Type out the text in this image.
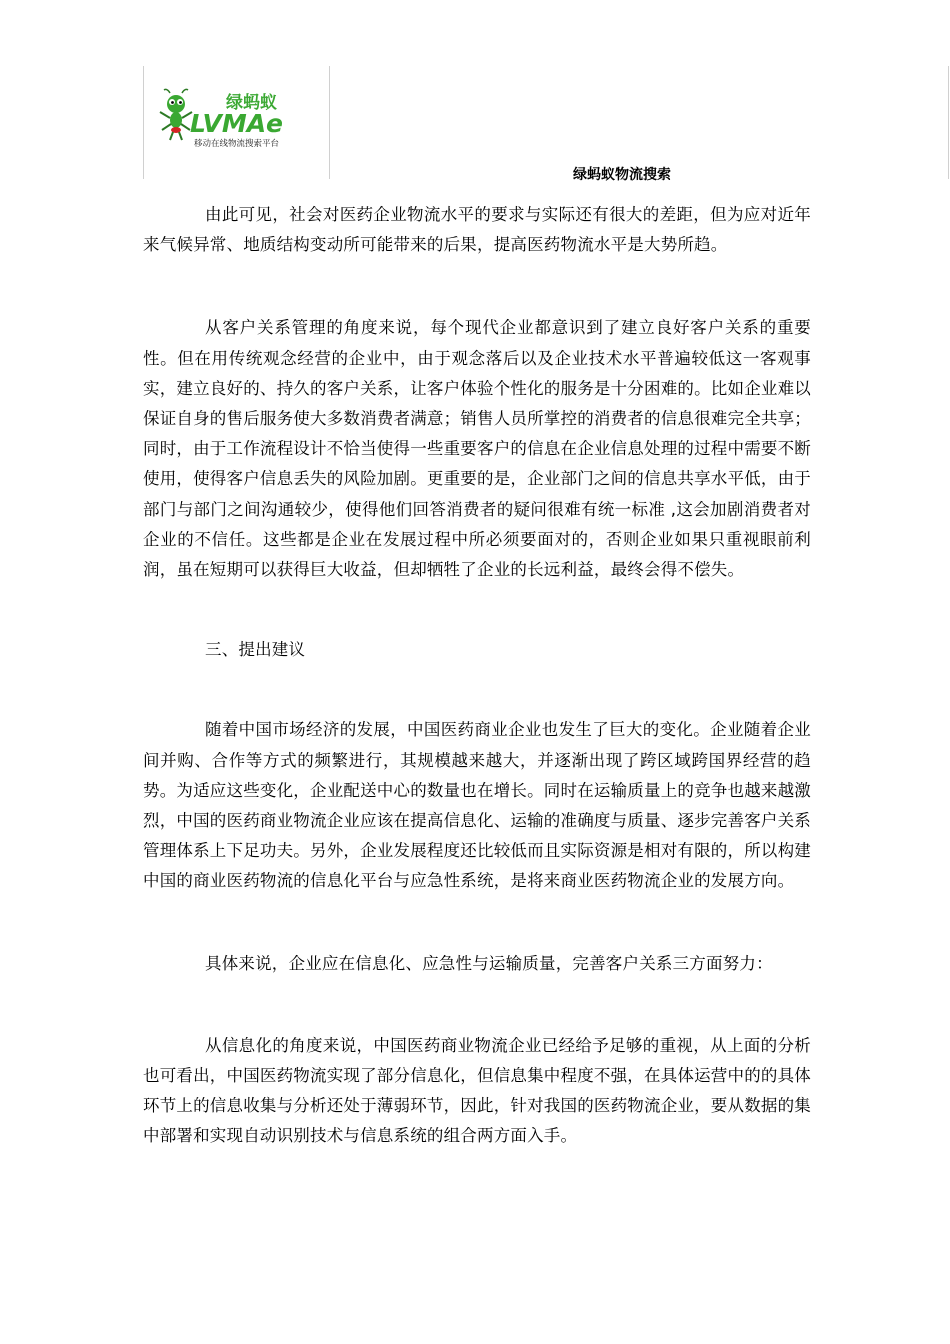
绿蚂蚁
LVMAe
移动在线物流搜索平台
绿蚂蚁物流搜索

由此可见，社会对医药企业物流水平的要求与实际还有很大的差距，但为应对近年来气候异常、地质结构变动所可能带来的后果，提高医药物流水平是大势所趋。

从客户关系管理的角度来说，每个现代企业都意识到了建立良好客户关系的重要性。但在用传统观念经营的企业中，由于观念落后以及企业技术水平普遍较低这一客观事实，建立良好的、持久的客户关系，让客户体验个性化的服务是十分困难的。比如企业难以保证自身的售后服务使大多数消费者满意；销售人员所掌控的消费者的信息很难完全共享；同时，由于工作流程设计不恰当使得一些重要客户的信息在企业信息处理的过程中需要不断使用，使得客户信息丢失的风险加剧。更重要的是，企业部门之间的信息共享水平低，由于部门与部门之间沟通较少，使得他们回答消费者的疑问很难有统一标准 ,这会加剧消费者对企业的不信任。这些都是企业在发展过程中所必须要面对的，否则企业如果只重视眼前利润，虽在短期可以获得巨大收益，但却牺牲了企业的长远利益，最终会得不偿失。

三、提出建议

随着中国市场经济的发展，中国医药商业企业也发生了巨大的变化。企业随着企业间并购、合作等方式的频繁进行，其规模越来越大，并逐渐出现了跨区域跨国界经营的趋势。为适应这些变化，企业配送中心的数量也在增长。同时在运输质量上的竞争也越来越激烈，中国的医药商业物流企业应该在提高信息化、运输的准确度与质量、逐步完善客户关系管理体系上下足功夫。另外，企业发展程度还比较低而且实际资源是相对有限的，所以构建中国的商业医药物流的信息化平台与应急性系统，是将来商业医药物流企业的发展方向。

具体来说，企业应在信息化、应急性与运输质量，完善客户关系三方面努力：

从信息化的角度来说，中国医药商业物流企业已经给予足够的重视，从上面的分析也可看出，中国医药物流实现了部分信息化，但信息集中程度不强，在具体运营中的的具体环节上的信息收集与分析还处于薄弱环节，因此，针对我国的医药物流企业，要从数据的集中部署和实现自动识别技术与信息系统的组合两方面入手。
